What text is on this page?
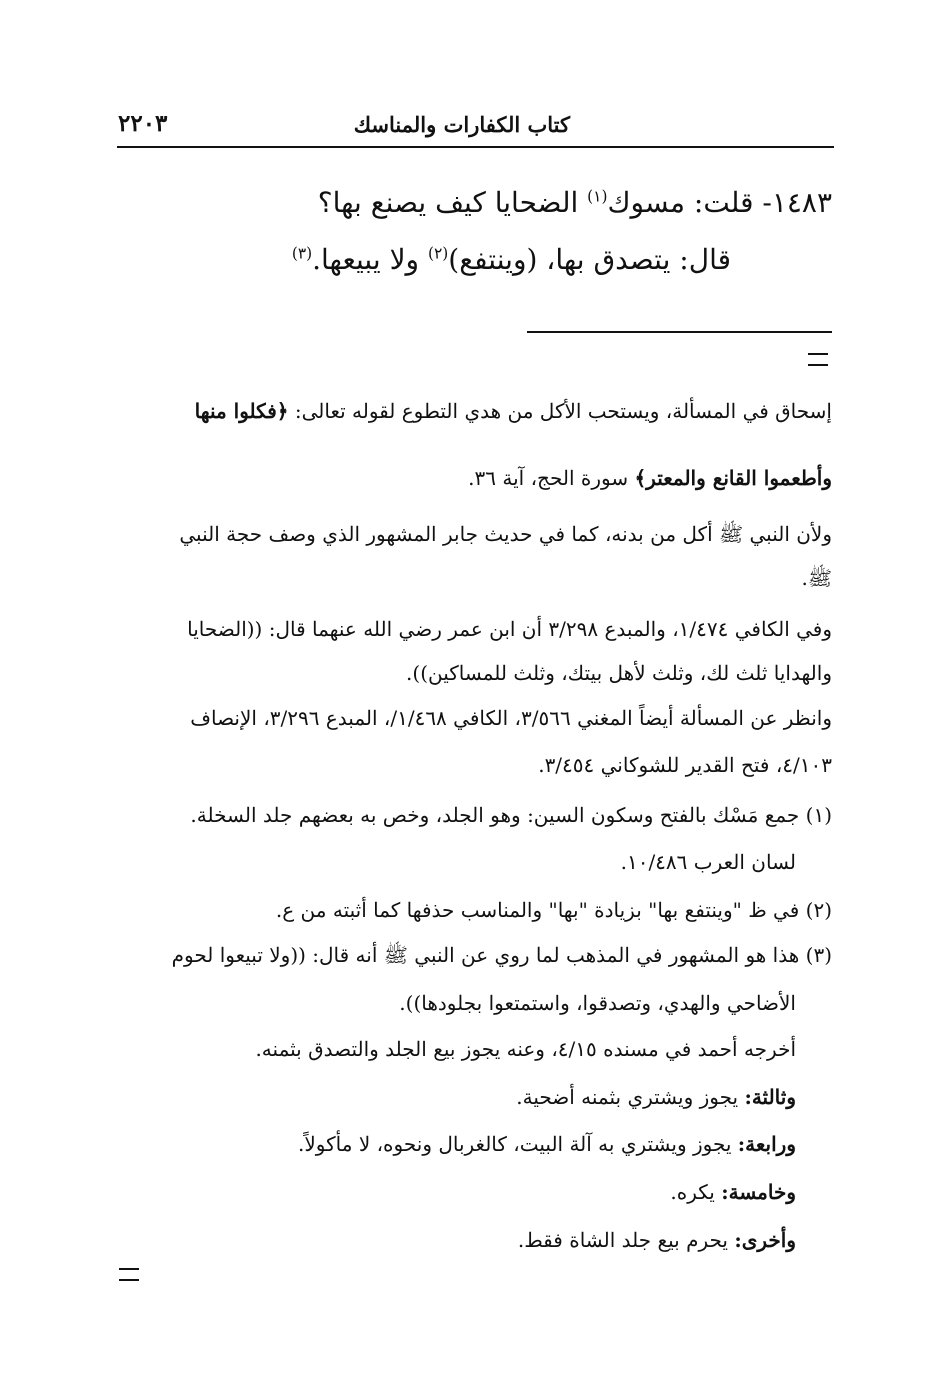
كتاب الكفارات والمناسك
٢٢٠٣
١٤٨٣- قلت: مسوك$^{(١)}$ الضحايا كيف يصنع بها؟
قال: يتصدق بها، (وينتفع)$^{(٢)}$ ولا يبيعها.$^{(٣)}$
إسحاق في المسألة، ويستحب الأكل من هدي التطوع لقوله تعالى: ﴿فكلوا منها
وأطعموا القانع والمعتر﴾ سورة الحج، آية ٣٦.
ولأن النبي ﷺ أكل من بدنه، كما في حديث جابر المشهور الذي وصف حجة النبي
ﷺ.
وفي الكافي ١/٤٧٤، والمبدع ٣/٢٩٨ أن ابن عمر رضي الله عنهما قال: ((الضحايا
والهدايا ثلث لك، وثلث لأهل بيتك، وثلث للمساكين)).
وانظر عن المسألة أيضاً المغني ٣/٥٦٦، الكافي ١/٤٦٨/، المبدع ٣/٢٩٦، الإنصاف
٤/١٠٣، فتح القدير للشوكاني ٣/٤٥٤.
(١) جمع مَسْك بالفتح وسكون السين: وهو الجلد، وخص به بعضهم جلد السخلة.
لسان العرب ١٠/٤٨٦.
(٢) في ظ "وينتفع بها" بزيادة "بها" والمناسب حذفها كما أثبته من ع.
(٣) هذا هو المشهور في المذهب لما روي عن النبي ﷺ أنه قال: ((ولا تبيعوا لحوم
الأضاحي والهدي، وتصدقوا، واستمتعوا بجلودها)).
أخرجه أحمد في مسنده ٤/١٥، وعنه يجوز بيع الجلد والتصدق بثمنه.
وثالثة: يجوز ويشتري بثمنه أضحية.
ورابعة: يجوز ويشتري به آلة البيت، كالغربال ونحوه، لا مأكولاً.
وخامسة: يكره.
وأخرى: يحرم بيع جلد الشاة فقط.
